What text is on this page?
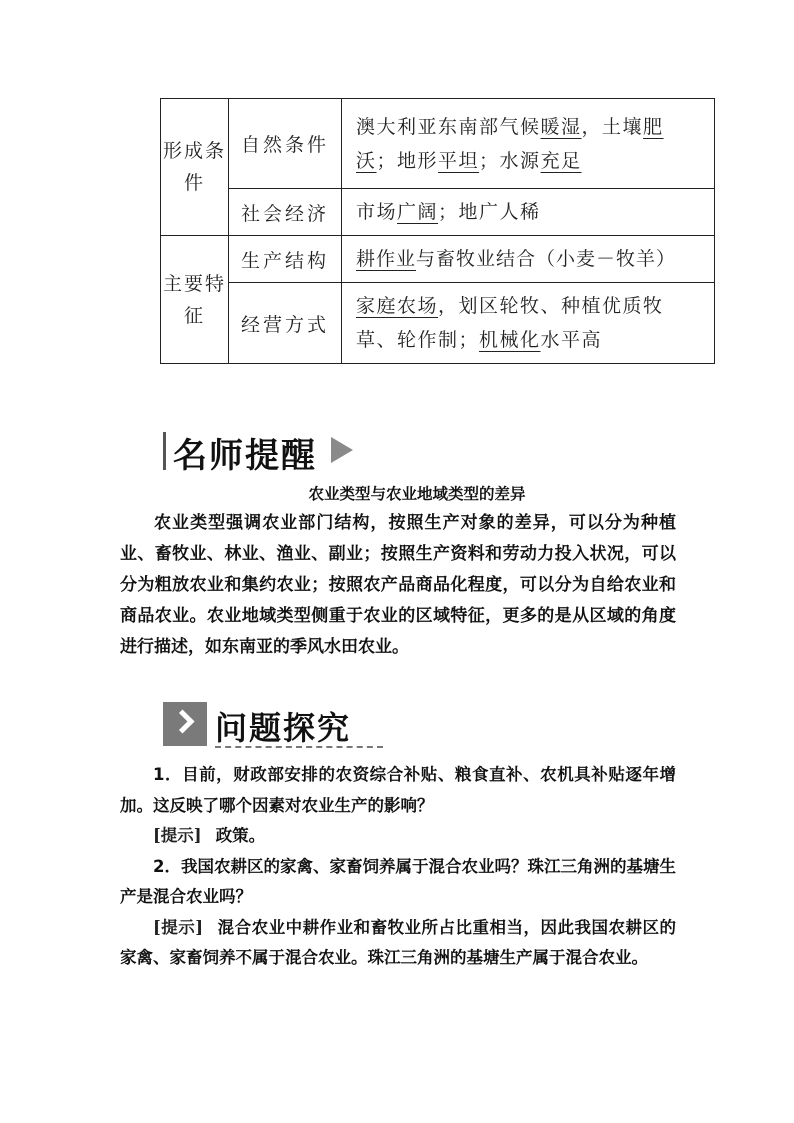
形成条件	自然条件	澳大利亚东南部气候暖湿，土壤肥沃；地形平坦；水源充足
	社会经济	市场广阔；地广人稀
主要特征	生产结构	耕作业与畜牧业结合（小麦－牧羊）
	经营方式	家庭农场，划区轮牧、种植优质牧草、轮作制；机械化水平高
名师提醒
农业类型与农业地域类型的差异

农业类型强调农业部门结构，按照生产对象的差异，可以分为种植业、畜牧业、林业、渔业、副业；按照生产资料和劳动力投入状况，可以分为粗放农业和集约农业；按照农产品商品化程度，可以分为自给农业和商品农业。农业地域类型侧重于农业的区域特征，更多的是从区域的角度进行描述，如东南亚的季风水田农业。

问题探究

1．目前，财政部安排的农资综合补贴、粮食直补、农机具补贴逐年增加。这反映了哪个因素对农业生产的影响？

[提示] 政策。

2．我国农耕区的家禽、家畜饲养属于混合农业吗？珠江三角洲的基塘生产是混合农业吗？

[提示] 混合农业中耕作业和畜牧业所占比重相当，因此我国农耕区的家禽、家畜饲养不属于混合农业。珠江三角洲的基塘生产属于混合农业。
